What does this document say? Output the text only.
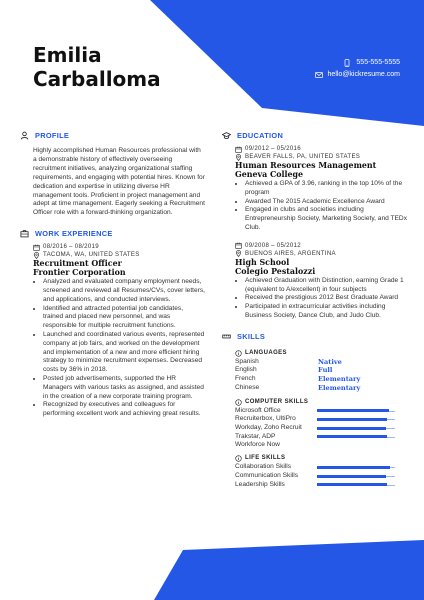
Emilia
Carballoma
555-555-5555
hello@kickresume.com
PROFILE
Highly accomplished Human Resources professional with a demonstrable history of effectively overseeing recruitment initiatives, analyzing organizational staffing requirements, and engaging with potential hires. Known for dedication and expertise in utilizing diverse HR management tools. Proficient in project management and adept at time management. Eagerly seeking a Recruitment Officer role with a forward-thinking organization.
WORK EXPERIENCE
08/2016 – 08/2019
TACOMA, WA, UNITED STATES
Recruitment Officer
Frontier Corporation
• Analyzed and evaluated company employment needs, screened and reviewed all Resumes/CVs, cover letters, and applications, and conducted interviews.
• Identified and attracted potential job candidates, trained and placed new personnel, and was responsible for multiple recruitment functions.
• Launched and coordinated various events, represented company at job fairs, and worked on the development and implementation of a new and more efficient hiring strategy to minimize recruitment expenses. Decreased costs by 36% in 2018.
• Posted job advertisements, supported the HR Managers with various tasks as assigned, and assisted in the creation of a new corporate training program.
• Recognized by executives and colleagues for performing excellent work and achieving great results.
EDUCATION
09/2012 – 05/2016
BEAVER FALLS, PA, UNITED STATES
Human Resources Management
Geneva College
• Achieved a GPA of 3.96, ranking in the top 10% of the program
• Awarded The 2015 Academic Excellence Award
• Engaged in clubs and societies including Entrepreneurship Society, Marketing Society, and TEDx Club.
09/2008 – 05/2012
BUENOS AIRES, ARGENTINA
High School
Colegio Pestalozzi
• Achieved Graduation with Distinction, earning Grade 1 (equivalent to A/excellent) in four subjects
• Received the prestigious 2012 Best Graduate Award
• Participated in extracurricular activities including Business Society, Dance Club, and Judo Club.
SKILLS
LANGUAGES
Spanish	Native
English	Full
French	Elementary
Chinese	Elementary
COMPUTER SKILLS
Microsoft Office
Recruiterbox, UltiPro
Workday, Zoho Recruit
Trakstar, ADP
Workforce Now
LIFE SKILLS
Collaboration Skills
Communication Skills
Leadership Skills
